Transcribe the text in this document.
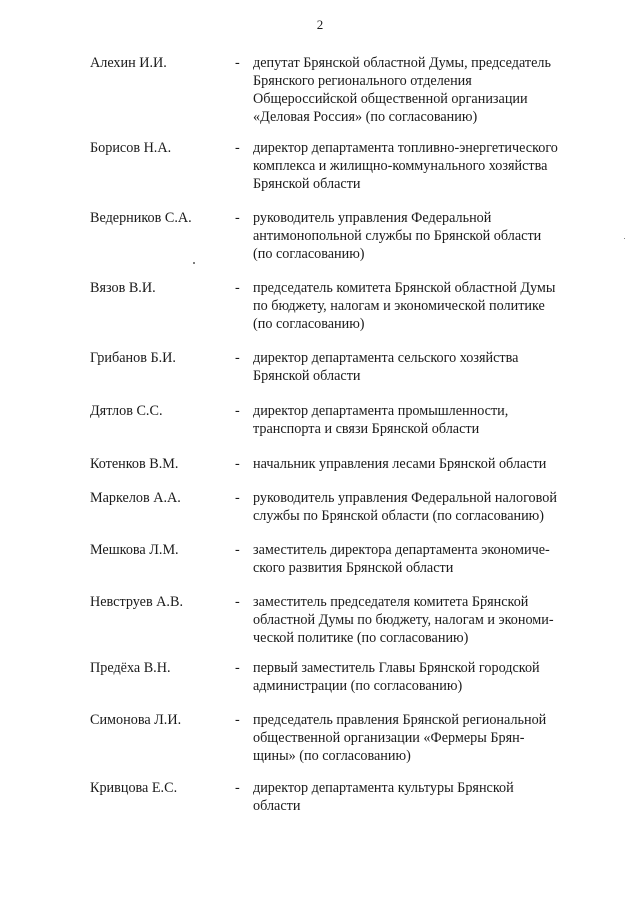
2
Алехин И.И.	- депутат Брянской областной Думы, председатель
Брянского регионального отделения
Общероссийской общественной организации
«Деловая Россия» (по согласованию)
Борисов Н.А.	- директор департамента топливно-энергетического
комплекса и жилищно-коммунального хозяйства
Брянской области
Ведерников С.А.	- руководитель управления Федеральной
антимонопольной службы по Брянской области
(по согласованию)
Вязов В.И.	- председатель комитета Брянской областной Думы
по бюджету, налогам и экономической политике
(по согласованию)
Грибанов Б.И.	- директор департамента сельского хозяйства
Брянской области
Дятлов С.С.	- директор департамента промышленности,
транспорта и связи Брянской области
Котенков В.М.	- начальник управления лесами Брянской области
Маркелов А.А.	- руководитель управления Федеральной налоговой
службы по Брянской области (по согласованию)
Мешкова Л.М.	- заместитель директора департамента экономиче-
ского развития Брянской области
Невструев А.В.	- заместитель председателя комитета Брянской
областной Думы по бюджету, налогам и экономи-
ческой политике (по согласованию)
Предёха В.Н.	- первый заместитель Главы Брянской городской
администрации (по согласованию)
Симонова Л.И.	- председатель правления Брянской региональной
общественной организации «Фермеры Брян-
щины» (по согласованию)
Кривцова Е.С.	- директор департамента культуры Брянской
области
